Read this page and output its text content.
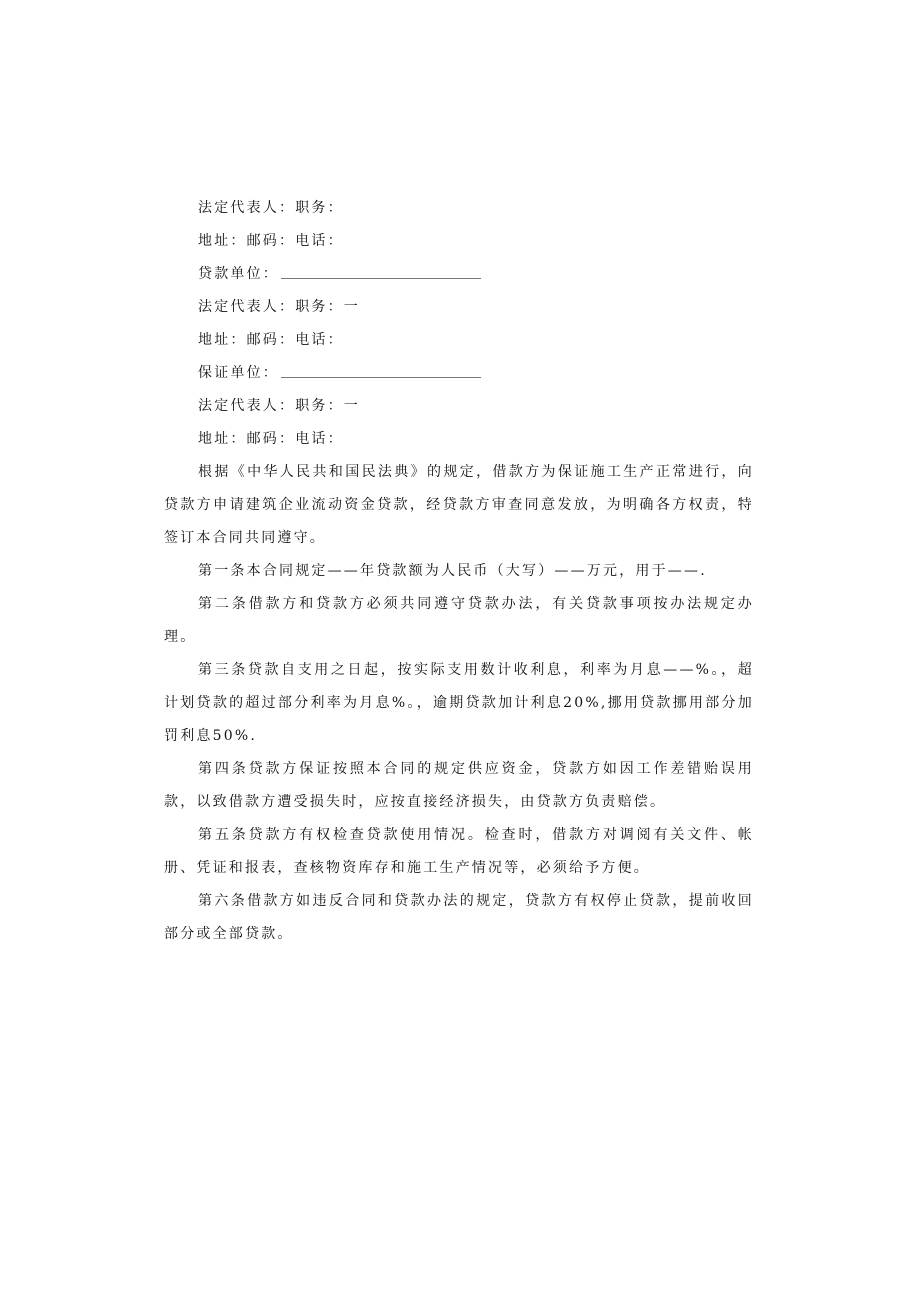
法定代表人：职务：
地址：邮码：电话：
贷款单位：
法定代表人：职务：一
地址：邮码：电话：
保证单位：
法定代表人：职务：一
地址：邮码：电话：
根据《中华人民共和国民法典》的规定，借款方为保证施工生产正常进行，向贷款方申请建筑企业流动资金贷款，经贷款方审查同意发放，为明确各方权责，特签订本合同共同遵守。
第一条本合同规定——年贷款额为人民币（大写）——万元，用于——.
第二条借款方和贷款方必须共同遵守贷款办法，有关贷款事项按办法规定办理。
第三条贷款自支用之日起，按实际支用数计收利息，利率为月息——%。，超计划贷款的超过部分利率为月息%。，逾期贷款加计利息20%,挪用贷款挪用部分加罚利息50%.
第四条贷款方保证按照本合同的规定供应资金，贷款方如因工作差错贻误用款，以致借款方遭受损失时，应按直接经济损失，由贷款方负责赔偿。
第五条贷款方有权检查贷款使用情况。检查时，借款方对调阅有关文件、帐册、凭证和报表，查核物资库存和施工生产情况等，必须给予方便。
第六条借款方如违反合同和贷款办法的规定，贷款方有权停止贷款，提前收回部分或全部贷款。
